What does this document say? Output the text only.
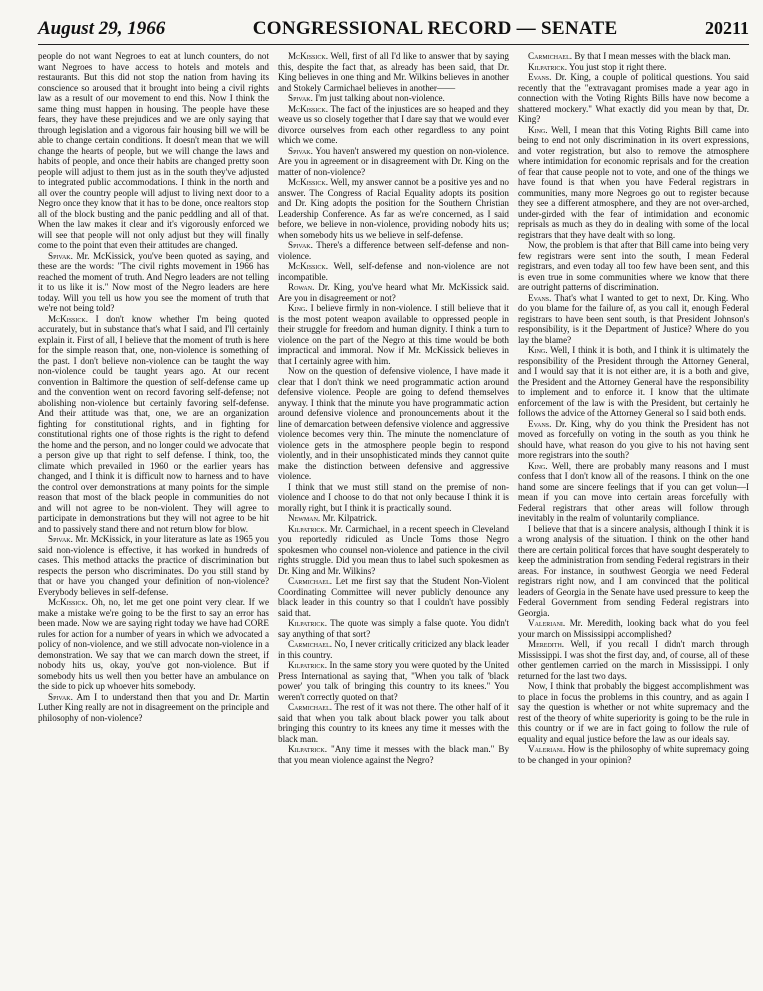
August 29, 1966	CONGRESSIONAL RECORD — SENATE	20211

people do not want Negroes to eat at lunch counters, do not want Negroes to have access to hotels and motels and restaurants. But this did not stop the nation from having its conscience so aroused that it brought into being a civil rights law as a result of our movement to end this. Now I think the same thing must happen in housing. The people have these fears, they have these prejudices and we are only saying that through legislation and a vigorous fair housing bill we will be able to change certain conditions. It doesn't mean that we will change the hearts of people, but we will change the laws and habits of people, and once their habits are changed pretty soon people will adjust to them just as in the south they've adjusted to integrated public accommodations. I think in the north and all over the country people will adjust to living next door to a Negro once they know that it has to be done, once realtors stop all of the block busting and the panic peddling and all of that. When the law makes it clear and it's vigorously enforced we will see that people will not only adjust but they will finally come to the point that even their attitudes are changed.

Spivak. Mr. McKissick, you've been quoted as saying, and these are the words: "The civil rights movement in 1966 has reached the moment of truth. And Negro leaders are not telling it to us like it is." Now most of the Negro leaders are here today. Will you tell us how you see the moment of truth that we're not being told?

McKissick. I don't know whether I'm being quoted accurately, but in substance that's what I said, and I'll certainly explain it. First of all, I believe that the moment of truth is here for the simple reason that, one, non-violence is something of the past. I don't believe non-violence can be taught the way non-violence could be taught years ago. At our recent convention in Baltimore the question of self-defense came up and the convention went on record favoring self-defense; not abolishing non-violence but certainly favoring self-defense. And their attitude was that, one, we are an organization fighting for constitutional rights, and in fighting for constitutional rights one of those rights is the right to defend the home and the person, and no longer could we advocate that a person give up that right to self defense. I think, too, the climate which prevailed in 1960 or the earlier years has changed, and I think it is difficult now to harness and to have the control over demonstrations at many points for the simple reason that most of the black people in communities do not and will not agree to be non-violent. They will agree to participate in demonstrations but they will not agree to be hit and to passively stand there and not return blow for blow.

Spivak. Mr. McKissick, in your literature as late as 1965 you said non-violence is effective, it has worked in hundreds of cases. This method attacks the practice of discrimination but respects the person who discriminates. Do you still stand by that or have you changed your definition of non-violence? Everybody believes in self-defense.

McKissick. Oh, no, let me get one point very clear. If we make a mistake we're going to be the first to say an error has been made. Now we are saying right today we have had CORE rules for action for a number of years in which we advocated a policy of non-violence, and we still advocate non-violence in a demonstration. We say that we can march down the street, if nobody hits us, okay, you've got non-violence. But if somebody hits us well then you better have an ambulance on the side to pick up whoever hits somebody.

Spivak. Am I to understand then that you and Dr. Martin Luther King really are not in disagreement on the principle and philosophy of non-violence?

McKissick. Well, first of all I'd like to answer that by saying this, despite the fact that, as already has been said, that Dr. King believes in one thing and Mr. Wilkins believes in another and Stokely Carmichael believes in another——

Spivak. I'm just talking about non-violence.

McKissick. The fact of the injustices are so heaped and they weave us so closely together that I dare say that we would ever divorce ourselves from each other regardless to any point which we come.

Spivak. You haven't answered my question on non-violence. Are you in agreement or in disagreement with Dr. King on the matter of non-violence?

McKissick. Well, my answer cannot be a positive yes and no answer. The Congress of Racial Equality adopts its position and Dr. King adopts the position for the Southern Christian Leadership Conference. As far as we're concerned, as I said before, we believe in non-violence, providing nobody hits us; when somebody hits us we believe in self-defense.

Spivak. There's a difference between self-defense and non-violence.

McKissick. Well, self-defense and non-violence are not incompatible.

Rowan. Dr. King, you've heard what Mr. McKissick said. Are you in disagreement or not?

King. I believe firmly in non-violence. I still believe that it is the most potent weapon available to oppressed people in their struggle for freedom and human dignity. I think a turn to violence on the part of the Negro at this time would be both impractical and immoral. Now if Mr. McKissick believes in that I certainly agree with him.

Now on the question of defensive violence, I have made it clear that I don't think we need programmatic action around defensive violence. People are going to defend themselves anyway. I think that the minute you have programmatic action around defensive violence and pronouncements about it the line of demarcation between defensive violence and aggressive violence becomes very thin. The minute the nomenclature of violence gets in the atmosphere people begin to respond violently, and in their unsophisticated minds they cannot quite make the distinction between defensive and aggressive violence.

I think that we must still stand on the premise of non-violence and I choose to do that not only because I think it is morally right, but I think it is practically sound.

Newman. Mr. Kilpatrick.

Kilpatrick. Mr. Carmichael, in a recent speech in Cleveland you reportedly ridiculed as Uncle Toms those Negro spokesmen who counsel non-violence and patience in the civil rights struggle. Did you mean thus to label such spokesmen as Dr. King and Mr. Wilkins?

Carmichael. Let me first say that the Student Non-Violent Coordinating Committee will never publicly denounce any black leader in this country so that I couldn't have possibly said that.

Kilpatrick. The quote was simply a false quote. You didn't say anything of that sort?

Carmichael. No, I never critically criticized any black leader in this country.

Kilpatrick. In the same story you were quoted by the United Press International as saying that, "When you talk of 'black power' you talk of bringing this country to its knees." You weren't correctly quoted on that?

Carmichael. The rest of it was not there. The other half of it said that when you talk about black power you talk about bringing this country to its knees any time it messes with the black man.

Kilpatrick. "Any time it messes with the black man." By that you mean violence against the Negro?

Carmichael. By that I mean messes with the black man.

Kilpatrick. You just stop it right there.

Evans. Dr. King, a couple of political questions. You said recently that the "extravagant promises made a year ago in connection with the Voting Rights Bills have now become a shattered mockery." What exactly did you mean by that, Dr. King?

King. Well, I mean that this Voting Rights Bill came into being to end not only discrimination in its overt expressions, and voter registration, but also to remove the atmosphere where intimidation for economic reprisals and for the creation of fear that cause people not to vote, and one of the things we have found is that when you have Federal registrars in communities, many more Negroes go out to register because they see a different atmosphere, and they are not over-arched, under-girded with the fear of intimidation and economic reprisals as much as they do in dealing with some of the local registrars that they have dealt with so long.

Now, the problem is that after that Bill came into being very few registrars were sent into the south, I mean Federal registrars, and even today all too few have been sent, and this is even true in some communities where we know that there are outright patterns of discrimination.

Evans. That's what I wanted to get to next, Dr. King. Who do you blame for the failure of, as you call it, enough Federal registrars to have been sent south, is that President Johnson's responsibility, is it the Department of Justice? Where do you lay the blame?

King. Well, I think it is both, and I think it is ultimately the responsibility of the President through the Attorney General, and I would say that it is not either are, it is a both and give, the President and the Attorney General have the responsibility to implement and to enforce it. I know that the ultimate enforcement of the law is with the President, but certainly he follows the advice of the Attorney General so I said both ends.

Evans. Dr. King, why do you think the President has not moved as forcefully on voting in the south as you think he should have, what reason do you give to his not having sent more registrars into the south?

King. Well, there are probably many reasons and I must confess that I don't know all of the reasons. I think on the one hand some are sincere feelings that if you can get volun—I mean if you can move into certain areas forcefully with Federal registrars that other areas will follow through inevitably in the realm of voluntarily compliance.

I believe that that is a sincere analysis, although I think it is a wrong analysis of the situation. I think on the other hand there are certain political forces that have sought desperately to keep the administration from sending Federal registrars in their areas. For instance, in southwest Georgia we need Federal registrars right now, and I am convinced that the political leaders of Georgia in the Senate have used pressure to keep the Federal Government from sending Federal registrars into Georgia.

Valeriani. Mr. Meredith, looking back what do you feel your march on Mississippi accomplished?

Meredith. Well, if you recall I didn't march through Mississippi. I was shot the first day, and, of course, all of these other gentlemen carried on the march in Mississippi. I only returned for the last two days.

Now, I think that probably the biggest accomplishment was to place in focus the problems in this country, and as again I say the question is whether or not white supremacy and the rest of the theory of white superiority is going to be the rule in this country or if we are in fact going to follow the rule of equality and equal justice before the law as our ideals say.

Valeriani. How is the philosophy of white supremacy going to be changed in your opinion?
